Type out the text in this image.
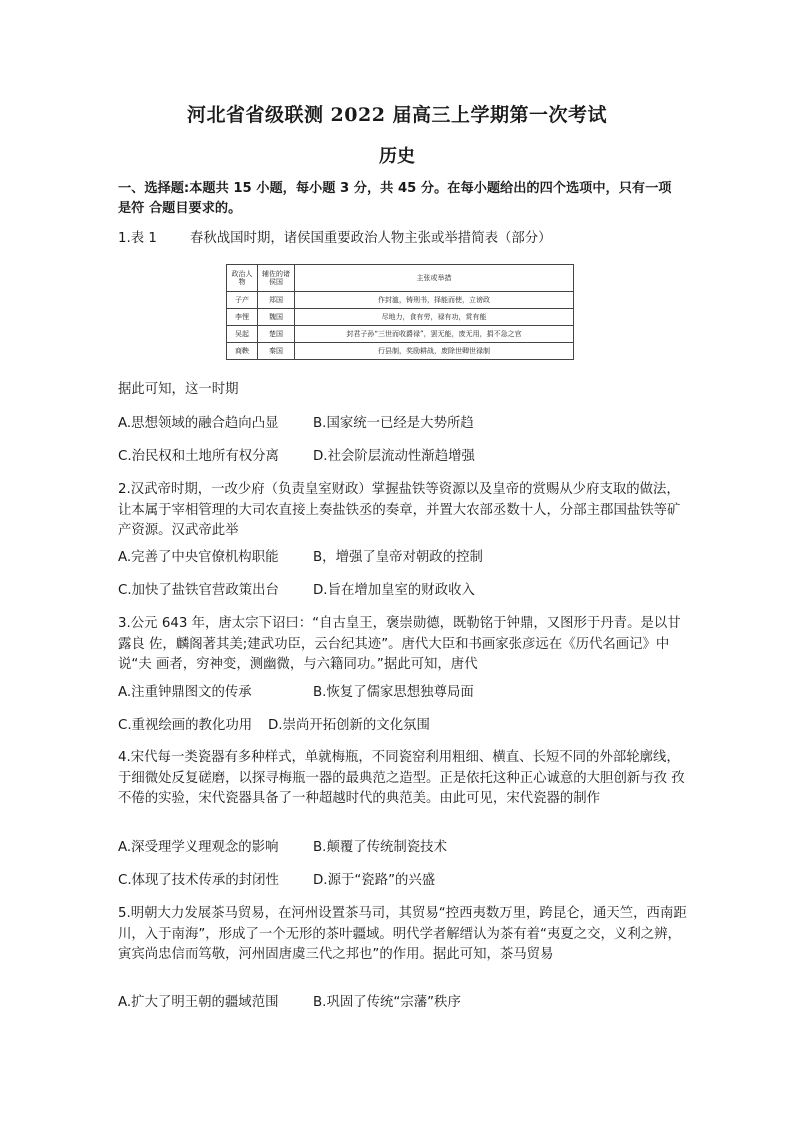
河北省省级联测 2022 届高三上学期第一次考试
历史
一、选择题:本题共 15 小题，每小题 3 分，共 45 分。在每小题给出的四个选项中，只有一项是符 合题目要求的。
1.表 1 春秋战国时期，诸侯国重要政治人物主张或举措简表（部分）
政治人物	辅佐的诸侯国	主张或举措
子产	郑国	作封洫，铸刑书，择能而使，立谤政
李悝	魏国	尽地力，食有劳，禄有功，赏有能
吴起	楚国	封君子孙“三世而收爵禄”，罢无能，废无用，捐不急之官
商鞅	秦国	行县制，奖励耕战，废除世卿世禄制
据此可知，这一时期
A.思想领域的融合趋向凸显	B.国家统一已经是大势所趋
C.治民权和土地所有权分离	D.社会阶层流动性渐趋增强
2.汉武帝时期，一改少府（负责皇室财政）掌握盐铁等资源以及皇帝的赏赐从少府支取的做法，让本属于宰相管理的大司农直接上奏盐铁丞的奏章，并置大农部丞数十人，分部主郡国盐铁等矿产资源。汉武帝此举
A.完善了中央官僚机构职能	B，增强了皇帝对朝政的控制
C.加快了盐铁官营政策出台	D.旨在增加皇室的财政收入
3.公元 643 年，唐太宗下诏曰：“自古皇王，褒崇勋德，既勒铭于钟鼎，又图形于丹青。是以甘露良 佐，麟阁著其美;建武功臣，云台纪其迹”。唐代大臣和书画家张彦远在《历代名画记》中说“夫 画者，穷神变，测幽微，与六籍同功。”据此可知，唐代
A.注重钟鼎图文的传承	B.恢复了儒家思想独尊局面
C.重视绘画的教化功用 D.崇尚开拓创新的文化氛围
4.宋代每一类瓷器有多种样式，单就梅瓶，不同瓷窑利用粗细、横直、长短不同的外部轮廓线，于细微处反复磋磨，以探寻梅瓶一器的最典范之造型。正是依托这种正心诚意的大胆创新与孜 孜不倦的实验，宋代瓷器具备了一种超越时代的典范美。由此可见，宋代瓷器的制作
A.深受理学义理观念的影响	B.颠覆了传统制瓷技术
C.体现了技术传承的封闭性	D.源于“瓷路”的兴盛
5.明朝大力发展茶马贸易，在河州设置茶马司，其贸易“控西夷数万里，跨昆仑，通天竺，西南距川，入于南海”，形成了一个无形的茶叶疆域。明代学者解缙认为茶有着“夷夏之交，义利之辨，寅宾尚忠信而笃敬，河州固唐虞三代之邦也”的作用。据此可知，茶马贸易
A.扩大了明王朝的疆域范围	B.巩固了传统“宗藩”秩序
